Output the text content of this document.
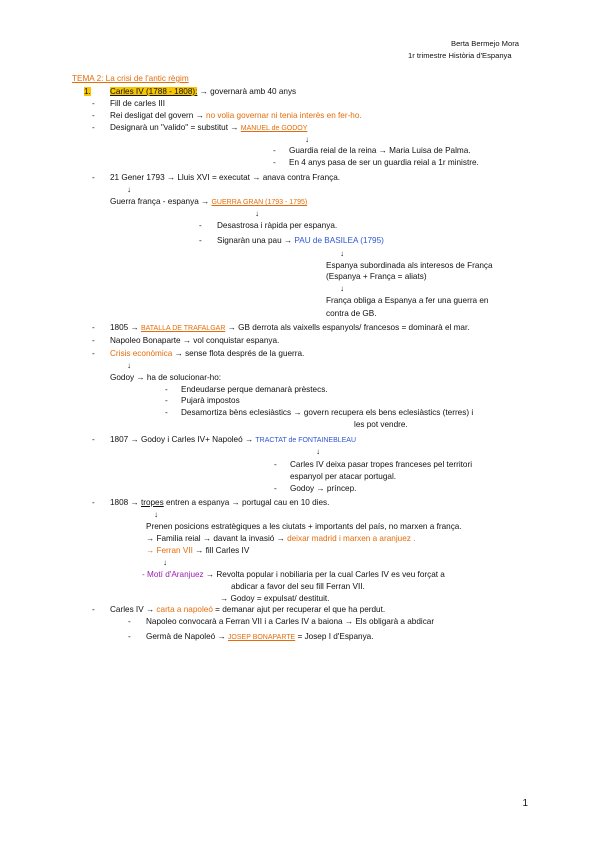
Berta Bermejo Mora
1r trimestre Història d'Espanya
TEMA 2: La crisi de l'antic règim
1. Carles IV (1788 - 1808): → governarà amb 40 anys
- Fill de carles III
- Rei desligat del govern → no volia governar ni tenia interès en fer-ho.
- Designarà un "valido" = substitut → MANUEL de GODOY
↓
- Guardia reial de la reina → Maria Luisa de Palma.
- En 4 anys pasa de ser un guardia reial a 1r ministre.
- 21 Gener 1793 → Lluis XVI = executat → anava contra França.
↓
Guerra frança - espanya → GUERRA GRAN (1793 - 1795)
↓
- Desastrosa i ràpida per espanya.
- Signaràn una pau → PAU de BASILEA (1795)
↓
Espanya subordinada als interesos de França
(Espanya + França = aliats)
↓
França obliga a Espanya a fer una guerra en
contra de GB.
- 1805 → BATALLA DE TRAFALGAR → GB derrota als vaixells espanyols/ francesos = dominarà el mar.
- Napoleo Bonaparte → vol conquistar espanya.
- Crisis econòmica → sense flota després de la guerra.
↓
Godoy → ha de solucionar-ho:
- Endeudarse perque demanarà prèstecs.
- Pujarà impostos
- Desamortiza bèns eclesiàstics → govern recupera els bens eclesiàstics (terres) i
les pot vendre.
- 1807 → Godoy i Carles IV+ Napoleó → TRACTAT de FONTAINEBLEAU
↓
- Carles IV deixa pasar tropes franceses pel territori
espanyol per atacar portugal.
- Godoy → príncep.
- 1808 → tropes entren a espanya → portugal cau en 10 dies.
↓
Prenen posicions estratègiques a les ciutats + importants del país, no marxen a frança.
→ Familia reial → davant la invasió → deixar madrid i marxen a aranjuez .
→ Ferran VII → fill Carles IV
↓
- Motí d'Aranjuez → Revolta popular i nobiliaria per la cual Carles IV es veu forçat a
abdicar a favor del seu fill Ferran VII.
→ Godoy = expulsat/ destituit.
- Carles IV → carta a napoleó = demanar ajut per recuperar el que ha perdut.
- Napoleo convocarà a Ferran VII i a Carles IV a baiona → Els obligarà a abdicar
- Germà de Napoleó → JOSEP BONAPARTE = Josep I d'Espanya.
1
